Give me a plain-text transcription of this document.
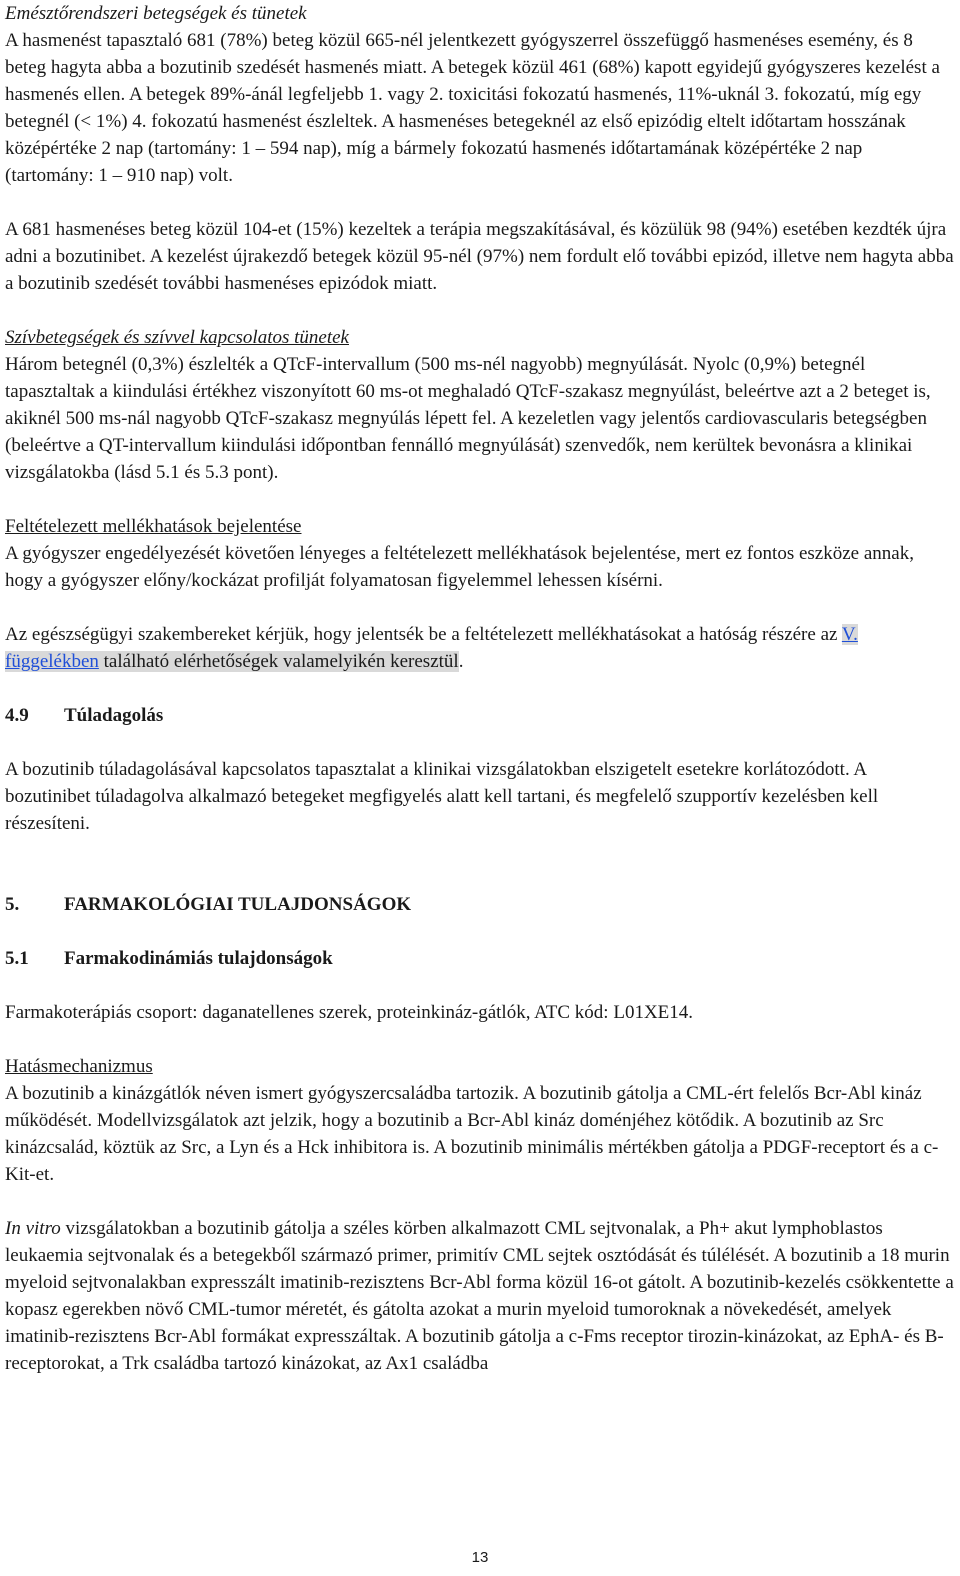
Emésztőrendszeri betegségek és tünetek

A hasmenést tapasztaló 681 (78%) beteg közül 665-nél jelentkezett gyógyszerrel összefüggő hasmenéses esemény, és 8 beteg hagyta abba a bozutinib szedését hasmenés miatt. A betegek közül 461 (68%) kapott egyidejű gyógyszeres kezelést a hasmenés ellen. A betegek 89%-ánál legfeljebb 1. vagy 2. toxicitási fokozatú hasmenés, 11%-uknál 3. fokozatú, míg egy betegnél (< 1%) 4. fokozatú hasmenést észleltek. A hasmenéses betegeknél az első epizódig eltelt időtartam hosszának középértéke 2 nap (tartomány: 1 – 594 nap), míg a bármely fokozatú hasmenés időtartamának középértéke 2 nap (tartomány: 1 – 910 nap) volt.

A 681 hasmenéses beteg közül 104-et (15%) kezeltek a terápia megszakításával, és közülük 98 (94%) esetében kezdték újra adni a bozutinibet. A kezelést újrakezdő betegek közül 95-nél (97%) nem fordult elő további epizód, illetve nem hagyta abba a bozutinib szedését további hasmenéses epizódok miatt.

Szívbetegségek és szívvel kapcsolatos tünetek

Három betegnél (0,3%) észlelték a QTcF-intervallum (500 ms-nél nagyobb) megnyúlását. Nyolc (0,9%) betegnél tapasztaltak a kiindulási értékhez viszonyított 60 ms-ot meghaladó QTcF-szakasz megnyúlást, beleértve azt a 2 beteget is, akiknél 500 ms-nál nagyobb QTcF-szakasz megnyúlás lépett fel. A kezeletlen vagy jelentős cardiovascularis betegségben (beleértve a QT-intervallum kiindulási időpontban fennálló megnyúlását) szenvedők, nem kerültek bevonásra a klinikai vizsgálatokba (lásd 5.1 és 5.3 pont).

Feltételezett mellékhatások bejelentése

A gyógyszer engedélyezését követően lényeges a feltételezett mellékhatások bejelentése, mert ez fontos eszköze annak, hogy a gyógyszer előny/kockázat profilját folyamatosan figyelemmel lehessen kísérni.

Az egészségügyi szakembereket kérjük, hogy jelentsék be a feltételezett mellékhatásokat a hatóság részére az V. függelékben található elérhetőségek valamelyikén keresztül.

4.9 Túladagolás

A bozutinib túladagolásával kapcsolatos tapasztalat a klinikai vizsgálatokban elszigetelt esetekre korlátozódott. A bozutinibet túladagolva alkalmazó betegeket megfigyelés alatt kell tartani, és megfelelő szupportív kezelésben kell részesíteni.

5. FARMAKOLÓGIAI TULAJDONSÁGOK

5.1 Farmakodinámiás tulajdonságok

Farmakoterápiás csoport: daganatellenes szerek, proteinkináz-gátlók, ATC kód: L01XE14.

Hatásmechanizmus

A bozutinib a kinázgátlók néven ismert gyógyszercsaládba tartozik. A bozutinib gátolja a CML-ért felelős Bcr-Abl kináz működését. Modellvizsgálatok azt jelzik, hogy a bozutinib a Bcr-Abl kináz doménjéhez kötődik. A bozutinib az Src kinázcsalád, köztük az Src, a Lyn és a Hck inhibitora is. A bozutinib minimális mértékben gátolja a PDGF-receptort és a c-Kit-et.

In vitro vizsgálatokban a bozutinib gátolja a széles körben alkalmazott CML sejtvonalak, a Ph+ akut lymphoblastos leukaemia sejtvonalak és a betegekből származó primer, primitív CML sejtek osztódását és túlélését. A bozutinib a 18 murin myeloid sejtvonalakban expresszált imatinib-rezisztens Bcr-Abl forma közül 16-ot gátolt. A bozutinib-kezelés csökkentette a kopasz egerekben növő CML-tumor méretét, és gátolta azokat a murin myeloid tumoroknak a növekedését, amelyek imatinib-rezisztens Bcr-Abl formákat expresszáltak. A bozutinib gátolja a c-Fms receptor tirozin-kinázokat, az EphA- és B-receptorokat, a Trk családba tartozó kinázokat, az Ax1 családba

13
